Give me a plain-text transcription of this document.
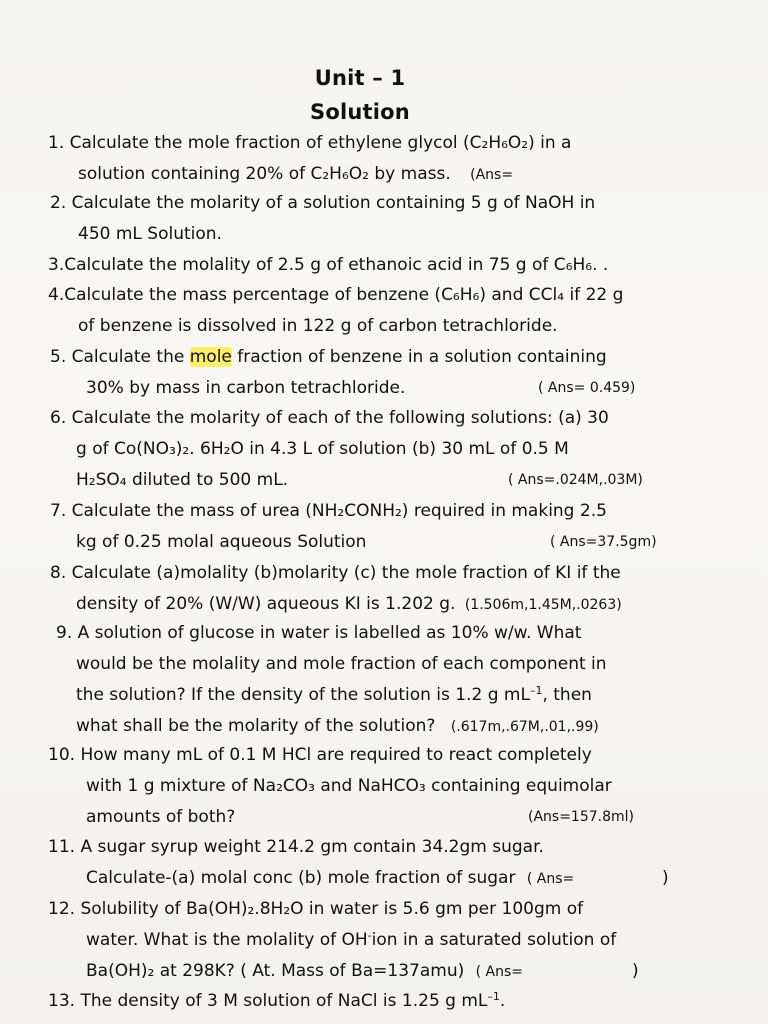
Unit – 1
Solution
1. Calculate the mole fraction of ethylene glycol (C₂H₆O₂) in a
solution containing 20% of C₂H₆O₂ by mass. (Ans=
2. Calculate the molarity of a solution containing 5 g of NaOH in
450 mL Solution.
3.Calculate the molality of 2.5 g of ethanoic acid in 75 g of C₆H₆. .
4.Calculate the mass percentage of benzene (C₆H₆) and CCl₄ if 22 g
of benzene is dissolved in 122 g of carbon tetrachloride.
5. Calculate the mole fraction of benzene in a solution containing
30% by mass in carbon tetrachloride.	( Ans= 0.459)
6. Calculate the molarity of each of the following solutions: (a) 30
g of Co(NO₃)₂. 6H₂O in 4.3 L of solution (b) 30 mL of 0.5 M
H₂SO₄ diluted to 500 mL.	( Ans=.024M,.03M)
7. Calculate the mass of urea (NH₂CONH₂) required in making 2.5
kg of 0.25 molal aqueous Solution	( Ans=37.5gm)
8. Calculate (a)molality (b)molarity (c) the mole fraction of KI if the
density of 20% (W/W) aqueous KI is 1.202 g. (1.506m,1.45M,.0263)
9. A solution of glucose in water is labelled as 10% w/w. What
would be the molality and mole fraction of each component in
the solution? If the density of the solution is 1.2 g $mL^{-1}$, then
what shall be the molarity of the solution? (.617m,.67M,.01,.99)
10. How many mL of 0.1 M HCl are required to react completely
with 1 g mixture of Na₂CO₃ and NaHCO₃ containing equimolar
amounts of both?	(Ans=157.8ml)
11. A sugar syrup weight 214.2 gm contain 34.2gm sugar.
Calculate-(a) molal conc (b) mole fraction of sugar ( Ans=	)
12. Solubility of Ba(OH)₂.8H₂O in water is 5.6 gm per 100gm of
water. What is the molality of OH-ion in a saturated solution of
Ba(OH)₂ at 298K? ( At. Mass of Ba=137amu) ( Ans=	)
13. The density of 3 M solution of NaCl is 1.25 g $mL^{-1}$.
